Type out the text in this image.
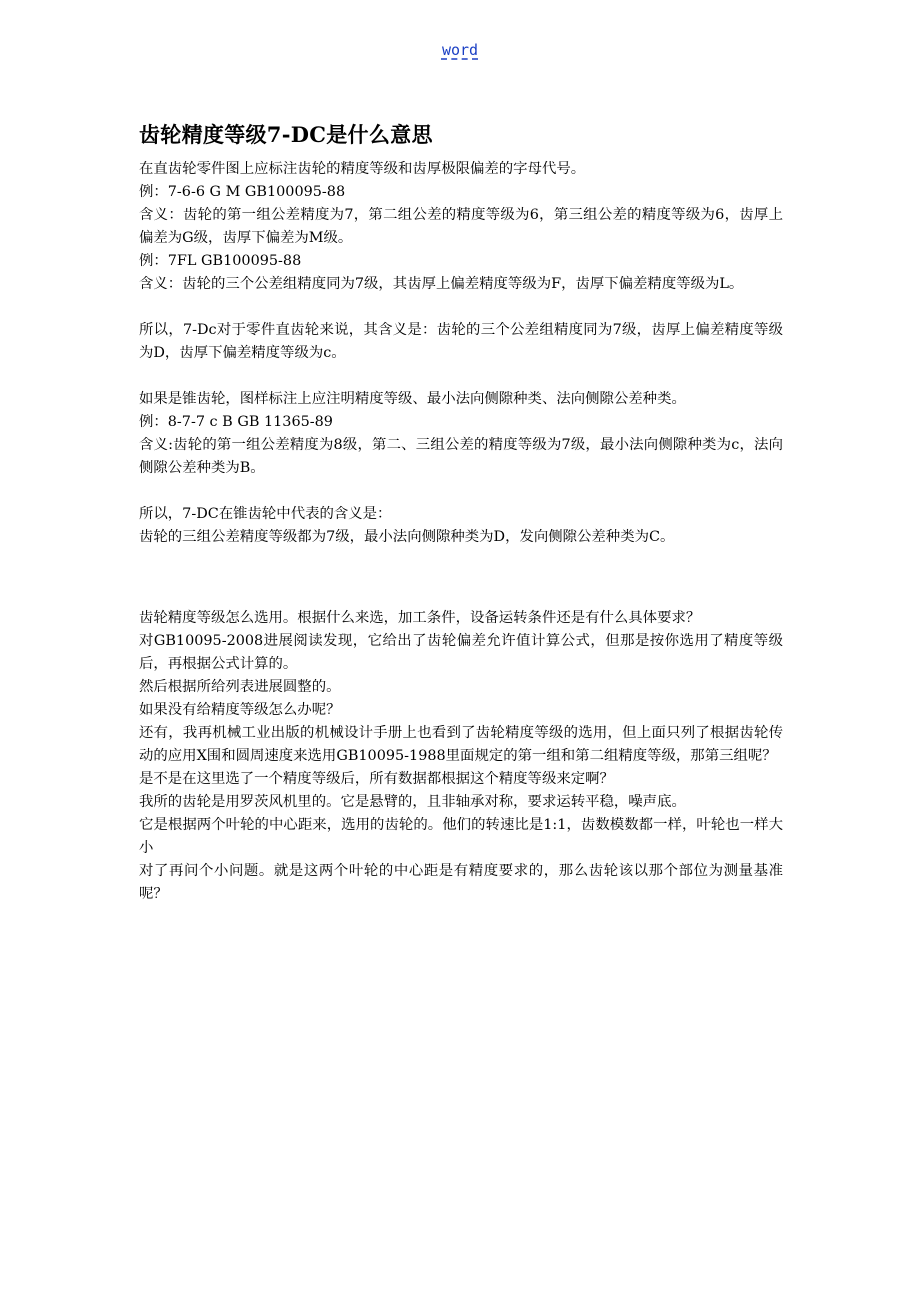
word
齿轮精度等级7-DC是什么意思

在直齿轮零件图上应标注齿轮的精度等级和齿厚极限偏差的字母代号。

例：7-6-6 G M GB100095-88

含义：齿轮的第一组公差精度为7，第二组公差的精度等级为6，第三组公差的精度等级为6，齿厚上偏差为G级，齿厚下偏差为M级。

例：7FL GB100095-88

含义：齿轮的三个公差组精度同为7级，其齿厚上偏差精度等级为F，齿厚下偏差精度等级为L。

所以，7-Dc对于零件直齿轮来说，其含义是：齿轮的三个公差组精度同为7级，齿厚上偏差精度等级为D，齿厚下偏差精度等级为c。

如果是锥齿轮，图样标注上应注明精度等级、最小法向侧隙种类、法向侧隙公差种类。

例：8-7-7 c B GB 11365-89

含义:齿轮的第一组公差精度为8级，第二、三组公差的精度等级为7级，最小法向侧隙种类为c，法向侧隙公差种类为B。

所以，7-DC在锥齿轮中代表的含义是：

齿轮的三组公差精度等级都为7级，最小法向侧隙种类为D，发向侧隙公差种类为C。

齿轮精度等级怎么选用。根据什么来选，加工条件，设备运转条件还是有什么具体要求？

对GB10095-2008进展阅读发现，它给出了齿轮偏差允许值计算公式，但那是按你选用了精度等级后，再根据公式计算的。

然后根据所给列表进展圆整的。

如果没有给精度等级怎么办呢？

还有，我再机械工业出版的机械设计手册上也看到了齿轮精度等级的选用，但上面只列了根据齿轮传动的应用X围和圆周速度来选用GB10095-1988里面规定的第一组和第二组精度等级，那第三组呢？

是不是在这里选了一个精度等级后，所有数据都根据这个精度等级来定啊？

我所的齿轮是用罗茨风机里的。它是悬臂的，且非轴承对称，要求运转平稳，噪声底。

它是根据两个叶轮的中心距来，选用的齿轮的。他们的转速比是1:1，齿数模数都一样，叶轮也一样大小

对了再问个小问题。就是这两个叶轮的中心距是有精度要求的，那么齿轮该以那个部位为测量基准呢？
